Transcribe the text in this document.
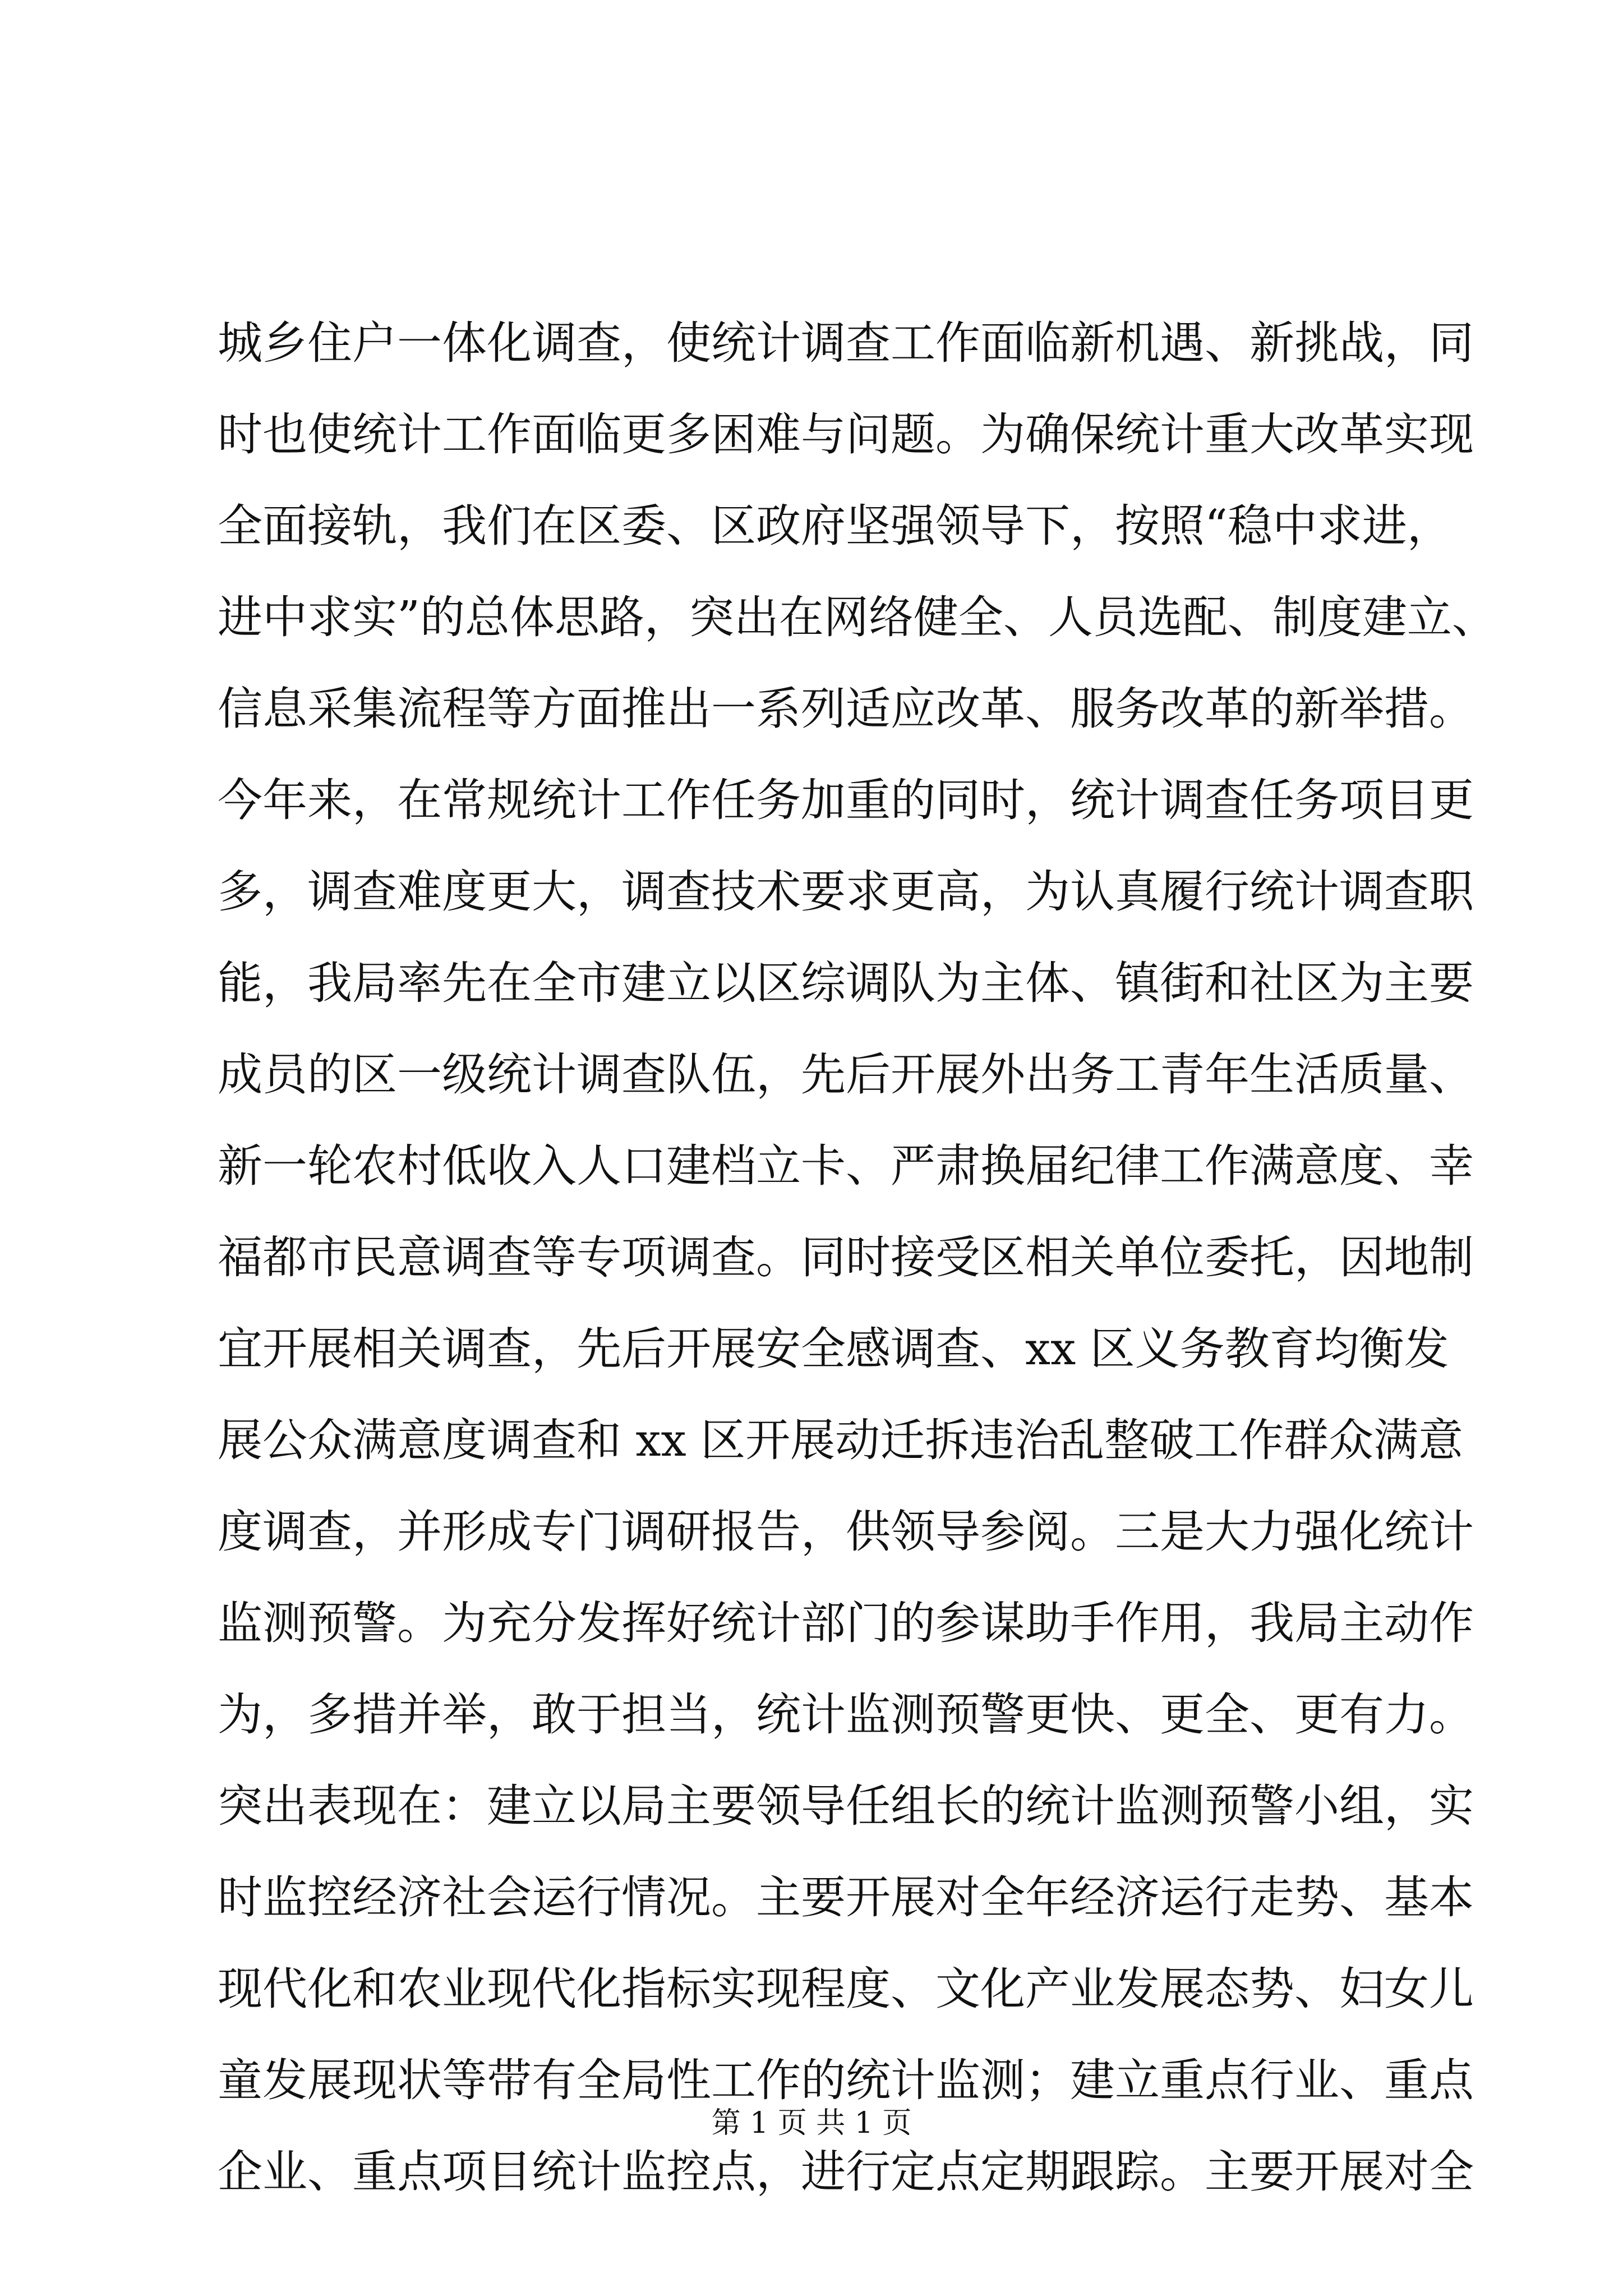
城乡住户一体化调查，使统计调查工作面临新机遇、新挑战，同
时也使统计工作面临更多困难与问题。为确保统计重大改革实现
全面接轨，我们在区委、区政府坚强领导下，按照“稳中求进，
进中求实”的总体思路，突出在网络健全、人员选配、制度建立、
信息采集流程等方面推出一系列适应改革、服务改革的新举措。
今年来，在常规统计工作任务加重的同时，统计调查任务项目更
多，调查难度更大，调查技术要求更高，为认真履行统计调查职
能，我局率先在全市建立以区综调队为主体、镇街和社区为主要
成员的区一级统计调查队伍，先后开展外出务工青年生活质量、
新一轮农村低收入人口建档立卡、严肃换届纪律工作满意度、幸
福都市民意调查等专项调查。同时接受区相关单位委托，因地制
宜开展相关调查，先后开展安全感调查、xx 区义务教育均衡发
展公众满意度调查和 xx 区开展动迁拆违治乱整破工作群众满意
度调查，并形成专门调研报告，供领导参阅。三是大力强化统计
监测预警。为充分发挥好统计部门的参谋助手作用，我局主动作
为，多措并举，敢于担当，统计监测预警更快、更全、更有力。
突出表现在：建立以局主要领导任组长的统计监测预警小组，实
时监控经济社会运行情况。主要开展对全年经济运行走势、基本
现代化和农业现代化指标实现程度、文化产业发展态势、妇女儿
童发展现状等带有全局性工作的统计监测；建立重点行业、重点
企业、重点项目统计监控点，进行定点定期跟踪。主要开展对全
第 1 页 共 1 页
